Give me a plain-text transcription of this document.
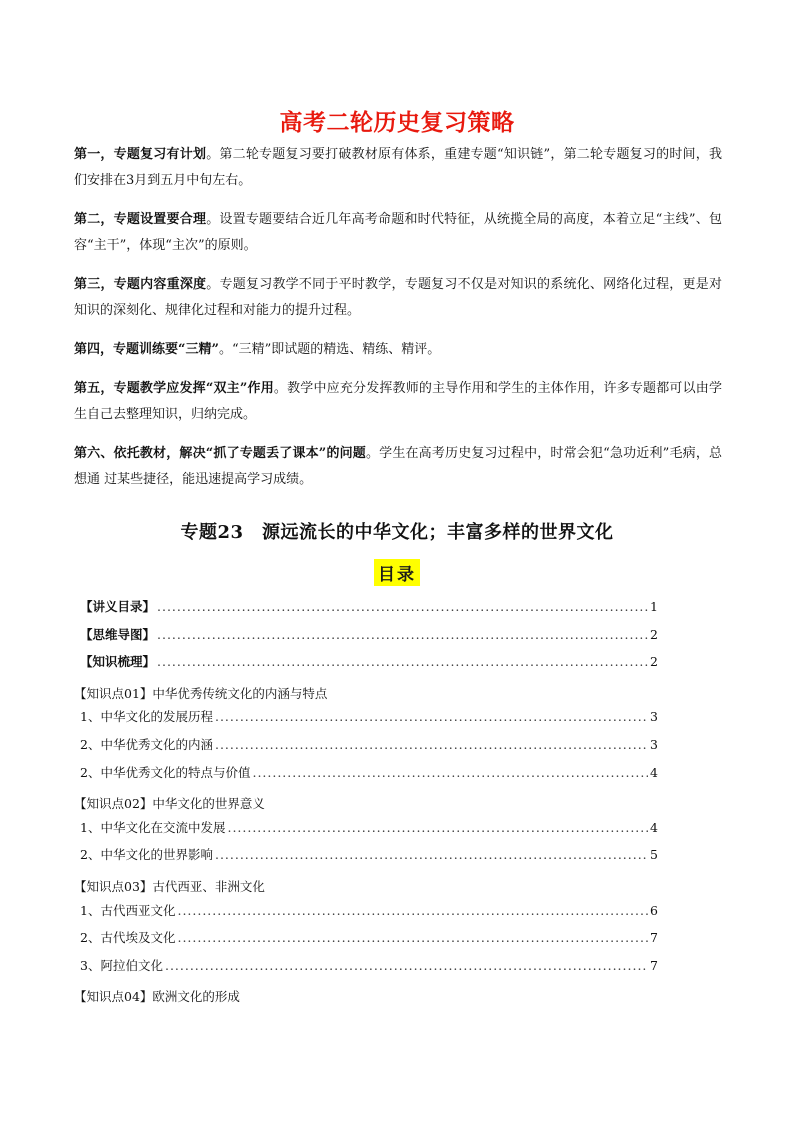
高考二轮历史复习策略

第一，专题复习有计划。第二轮专题复习要打破教材原有体系，重建专题“知识链”，第二轮专题复习的时间，我们安排在3月到五月中旬左右。

第二，专题设置要合理。设置专题要结合近几年高考命题和时代特征，从统揽全局的高度，本着立足“主线”、包容“主干”，体现“主次”的原则。

第三，专题内容重深度。专题复习教学不同于平时教学，专题复习不仅是对知识的系统化、网络化过程，更是对知识的深刻化、规律化过程和对能力的提升过程。

第四，专题训练要“三精”。“三精”即试题的精选、精练、精评。

第五，专题教学应发挥“双主”作用。教学中应充分发挥教师的主导作用和学生的主体作用，许多专题都可以由学生自己去整理知识，归纳完成。

第六、依托教材，解决“抓了专题丢了课本”的问题。学生在高考历史复习过程中，时常会犯“急功近利”毛病，总想通 过某些捷径，能迅速提高学习成绩。

专题23　源远流长的中华文化；丰富多样的世界文化
目录
【讲义目录】 .....	1
【思维导图】 .....	2
【知识梳理】 .....	2
【知识点01】中华优秀传统文化的内涵与特点
1、中华文化的发展历程 .....	3
2、中华优秀文化的内涵 .....	3
2、中华优秀文化的特点与价值 .....	4
【知识点02】中华文化的世界意义
1、中华文化在交流中发展 .....	4
2、中华文化的世界影响 .....	5
【知识点03】古代西亚、非洲文化
1、古代西亚文化 .....	6
2、古代埃及文化 .....	7
3、阿拉伯文化 .....	7
【知识点04】欧洲文化的形成
